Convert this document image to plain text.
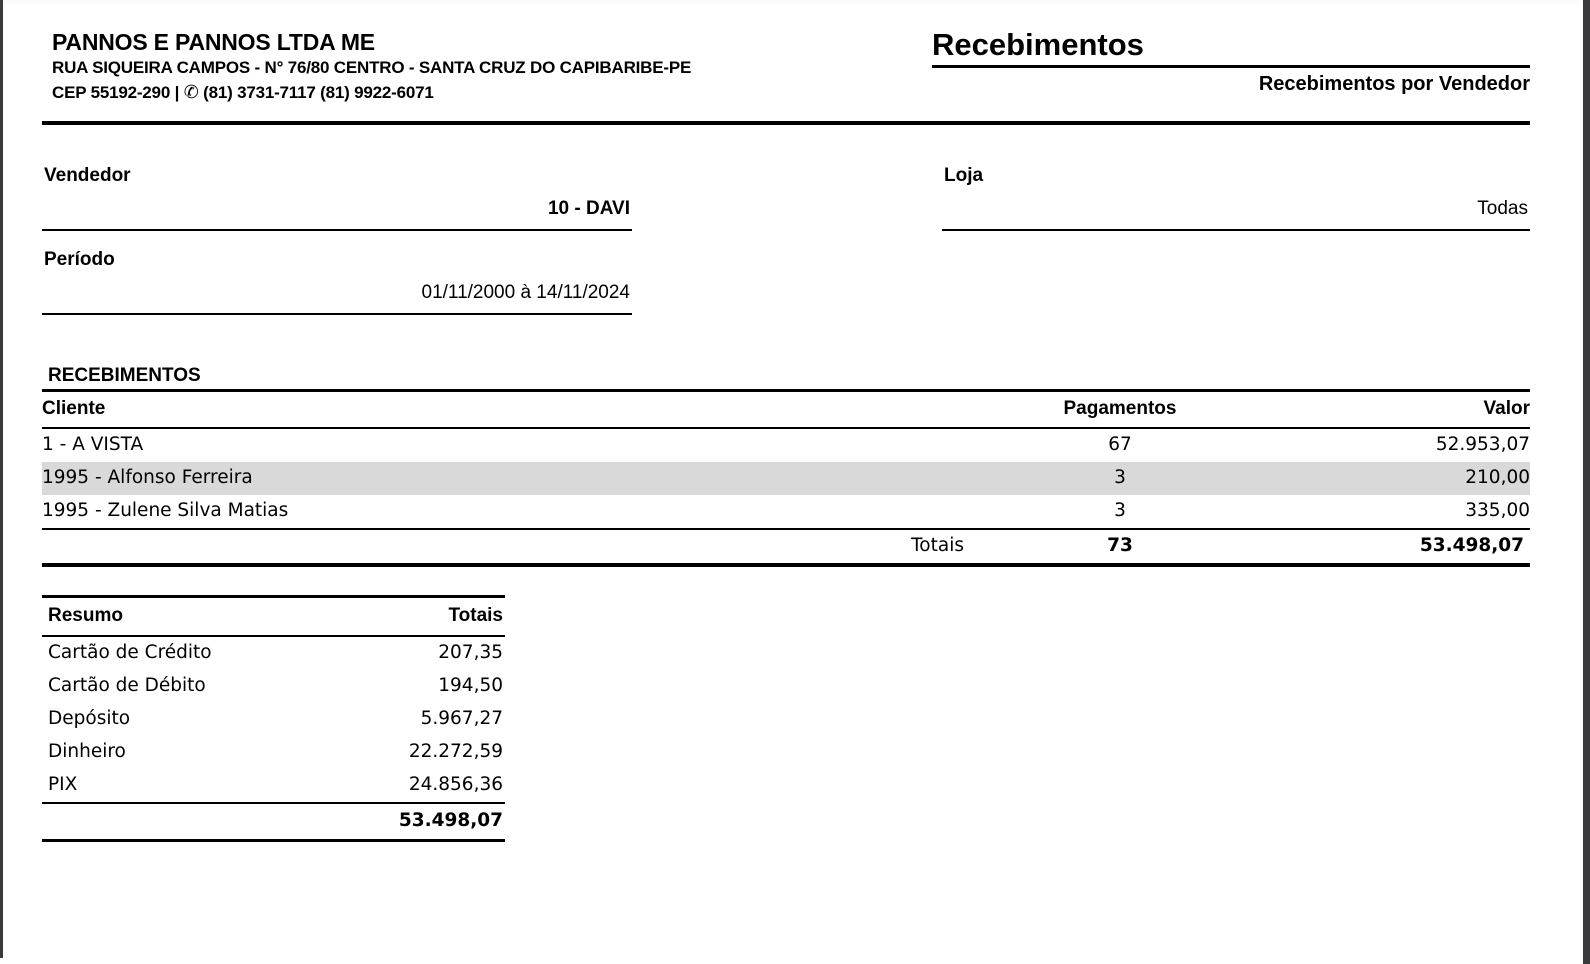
PANNOS E PANNOS LTDA ME
RUA SIQUEIRA CAMPOS - N° 76/80 CENTRO - SANTA CRUZ DO CAPIBARIBE-PE
CEP 55192-290 | ✆ (81) 3731-7117 (81) 9922-6071
Recebimentos
Recebimentos por Vendedor
Vendedor
10 - DAVI
Loja
Todas
Período
01/11/2000 à 14/11/2024
RECEBIMENTOS
Cliente	Pagamentos	Valor
1 - A VISTA	67	52.953,07
1995 - Alfonso Ferreira	3	210,00
1995 - Zulene Silva Matias	3	335,00
Totais	73	53.498,07
Resumo	Totais
Cartão de Crédito	207,35
Cartão de Débito	194,50
Depósito	5.967,27
Dinheiro	22.272,59
PIX	24.856,36
	53.498,07
